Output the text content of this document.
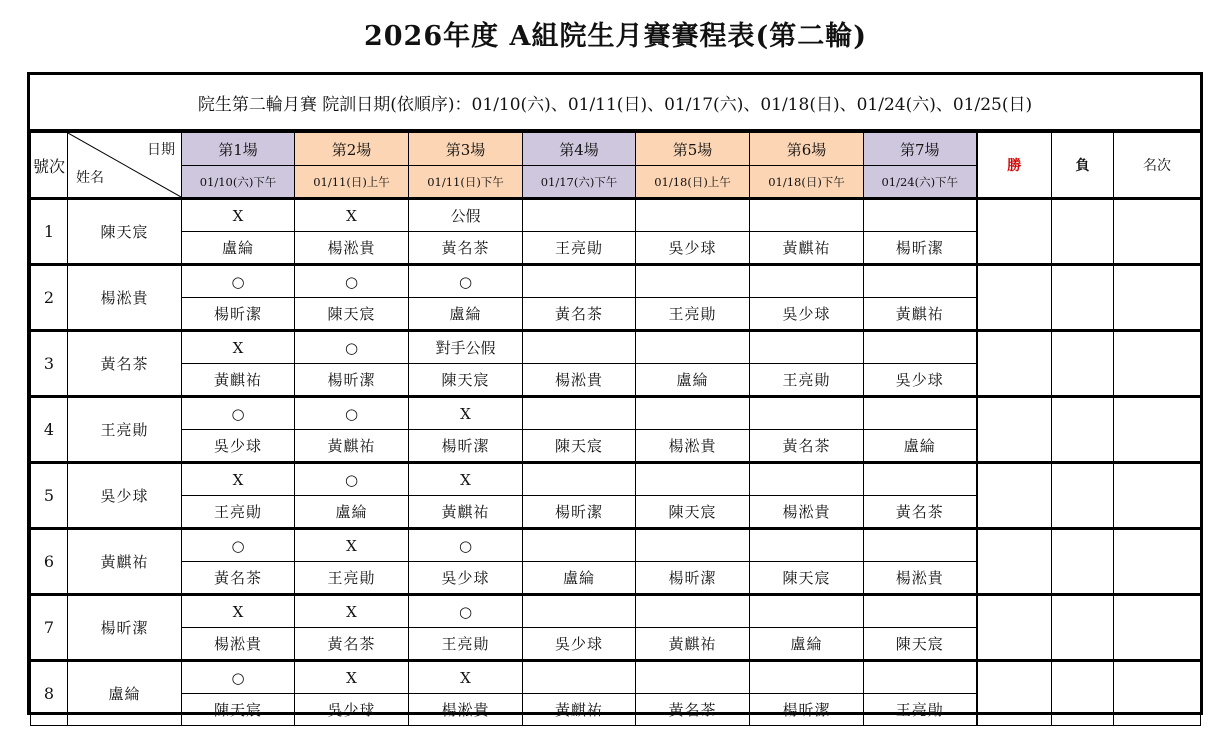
2026年度 A組院生月賽賽程表(第二輪)
院生第二輪月賽 院訓日期(依順序)：01/10(六)、01/11(日)、01/17(六)、01/18(日)、01/24(六)、01/25(日)
號次	日期
姓名	第1場	第2場	第3場	第4場	第5場	第6場	第7場	勝	負	名次
		01/10(六)下午	01/11(日)上午	01/11(日)下午	01/17(六)下午	01/18(日)上午	01/18(日)下午	01/24(六)下午			
1	陳天宸	X	X	公假							
		盧綸	楊淞貴	黃名茶	王亮勛	吳少球	黃麒祐	楊昕潔			
2	楊淞貴	○	○	○							
		楊昕潔	陳天宸	盧綸	黃名茶	王亮勛	吳少球	黃麒祐			
3	黃名茶	X	○	對手公假							
		黃麒祐	楊昕潔	陳天宸	楊淞貴	盧綸	王亮勛	吳少球			
4	王亮勛	○	○	X							
		吳少球	黃麒祐	楊昕潔	陳天宸	楊淞貴	黃名茶	盧綸			
5	吳少球	X	○	X							
		王亮勛	盧綸	黃麒祐	楊昕潔	陳天宸	楊淞貴	黃名茶			
6	黃麒祐	○	X	○							
		黃名茶	王亮勛	吳少球	盧綸	楊昕潔	陳天宸	楊淞貴			
7	楊昕潔	X	X	○							
		楊淞貴	黃名茶	王亮勛	吳少球	黃麒祐	盧綸	陳天宸			
8	盧綸	○	X	X							
		陳天宸	吳少球	楊淞貴	黃麒祐	黃名茶	楊昕潔	王亮勛			
